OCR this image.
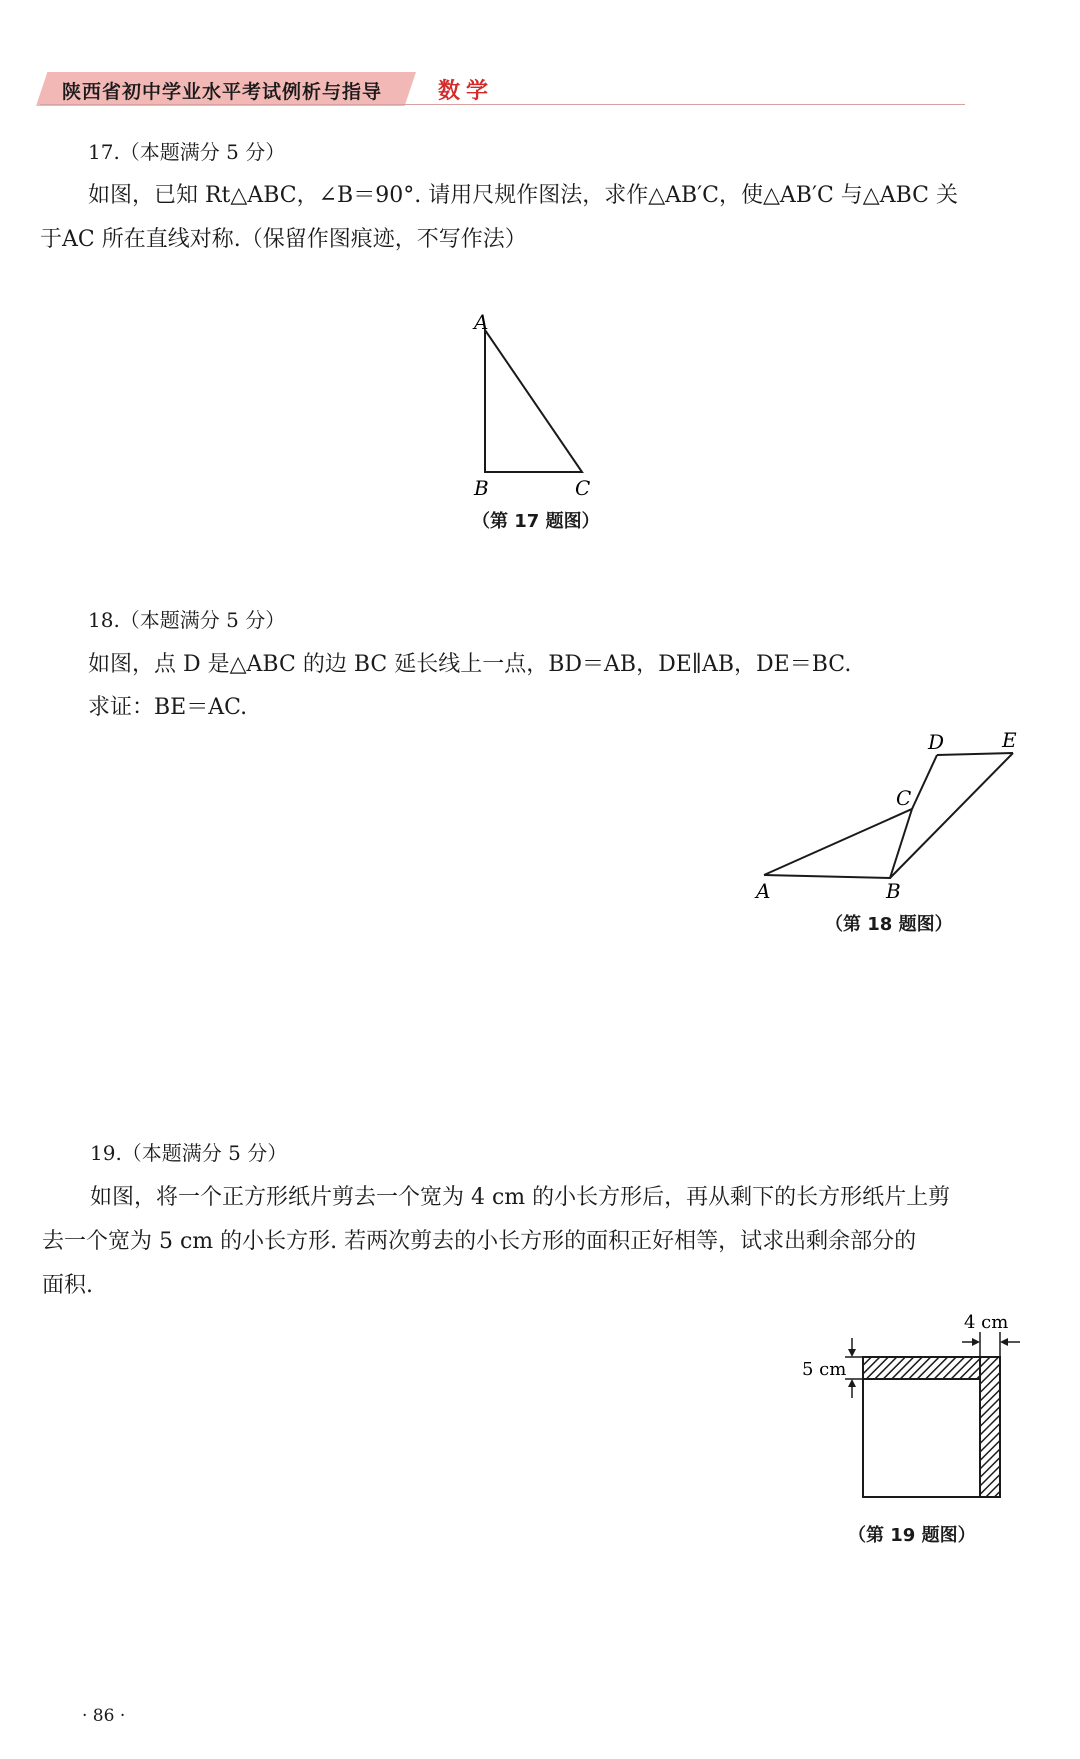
陕西省初中学业水平考试例析与指导	数学
17.（本题满分 5 分）
如图，已知 Rt△ABC，∠B＝90°. 请用尺规作图法，求作△AB′C，使△AB′C 与△ABC 关
于AC 所在直线对称.（保留作图痕迹，不写作法）
A
B	C
（第 17 题图）
18.（本题满分 5 分）
如图，点 D 是△ABC 的边 BC 延长线上一点，BD＝AB，DE∥AB，DE＝BC.
求证：BE＝AC.
A	B
C
D	E
（第 18 题图）
19.（本题满分 5 分）
如图，将一个正方形纸片剪去一个宽为 4 cm 的小长方形后，再从剩下的长方形纸片上剪
去一个宽为 5 cm 的小长方形. 若两次剪去的小长方形的面积正好相等，试求出剩余部分的
面积.
4 cm
5 cm
（第 19 题图）
· 86 ·
